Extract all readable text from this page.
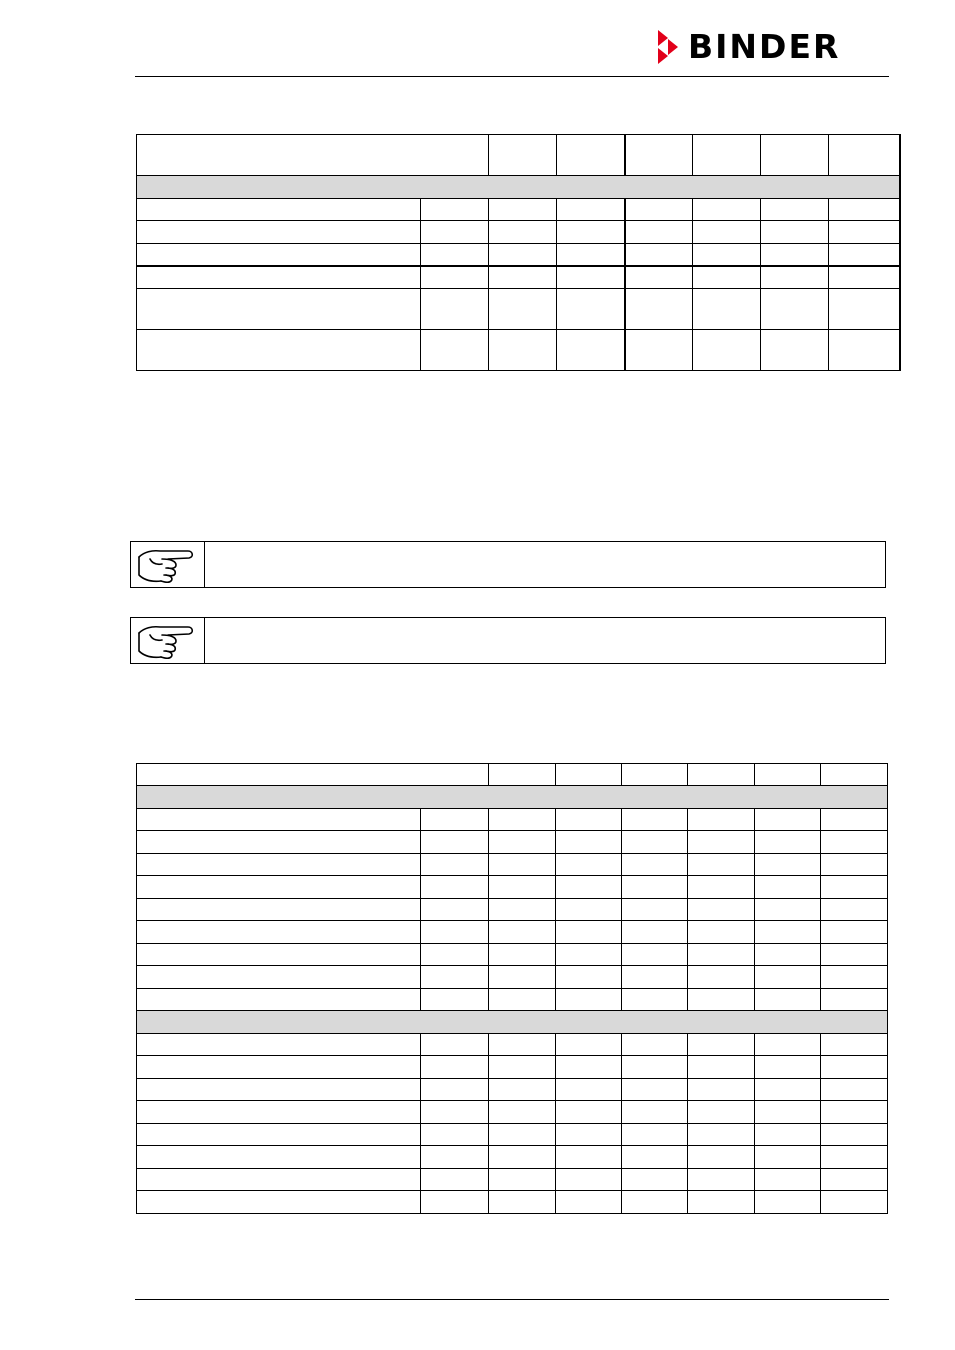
BINDER
